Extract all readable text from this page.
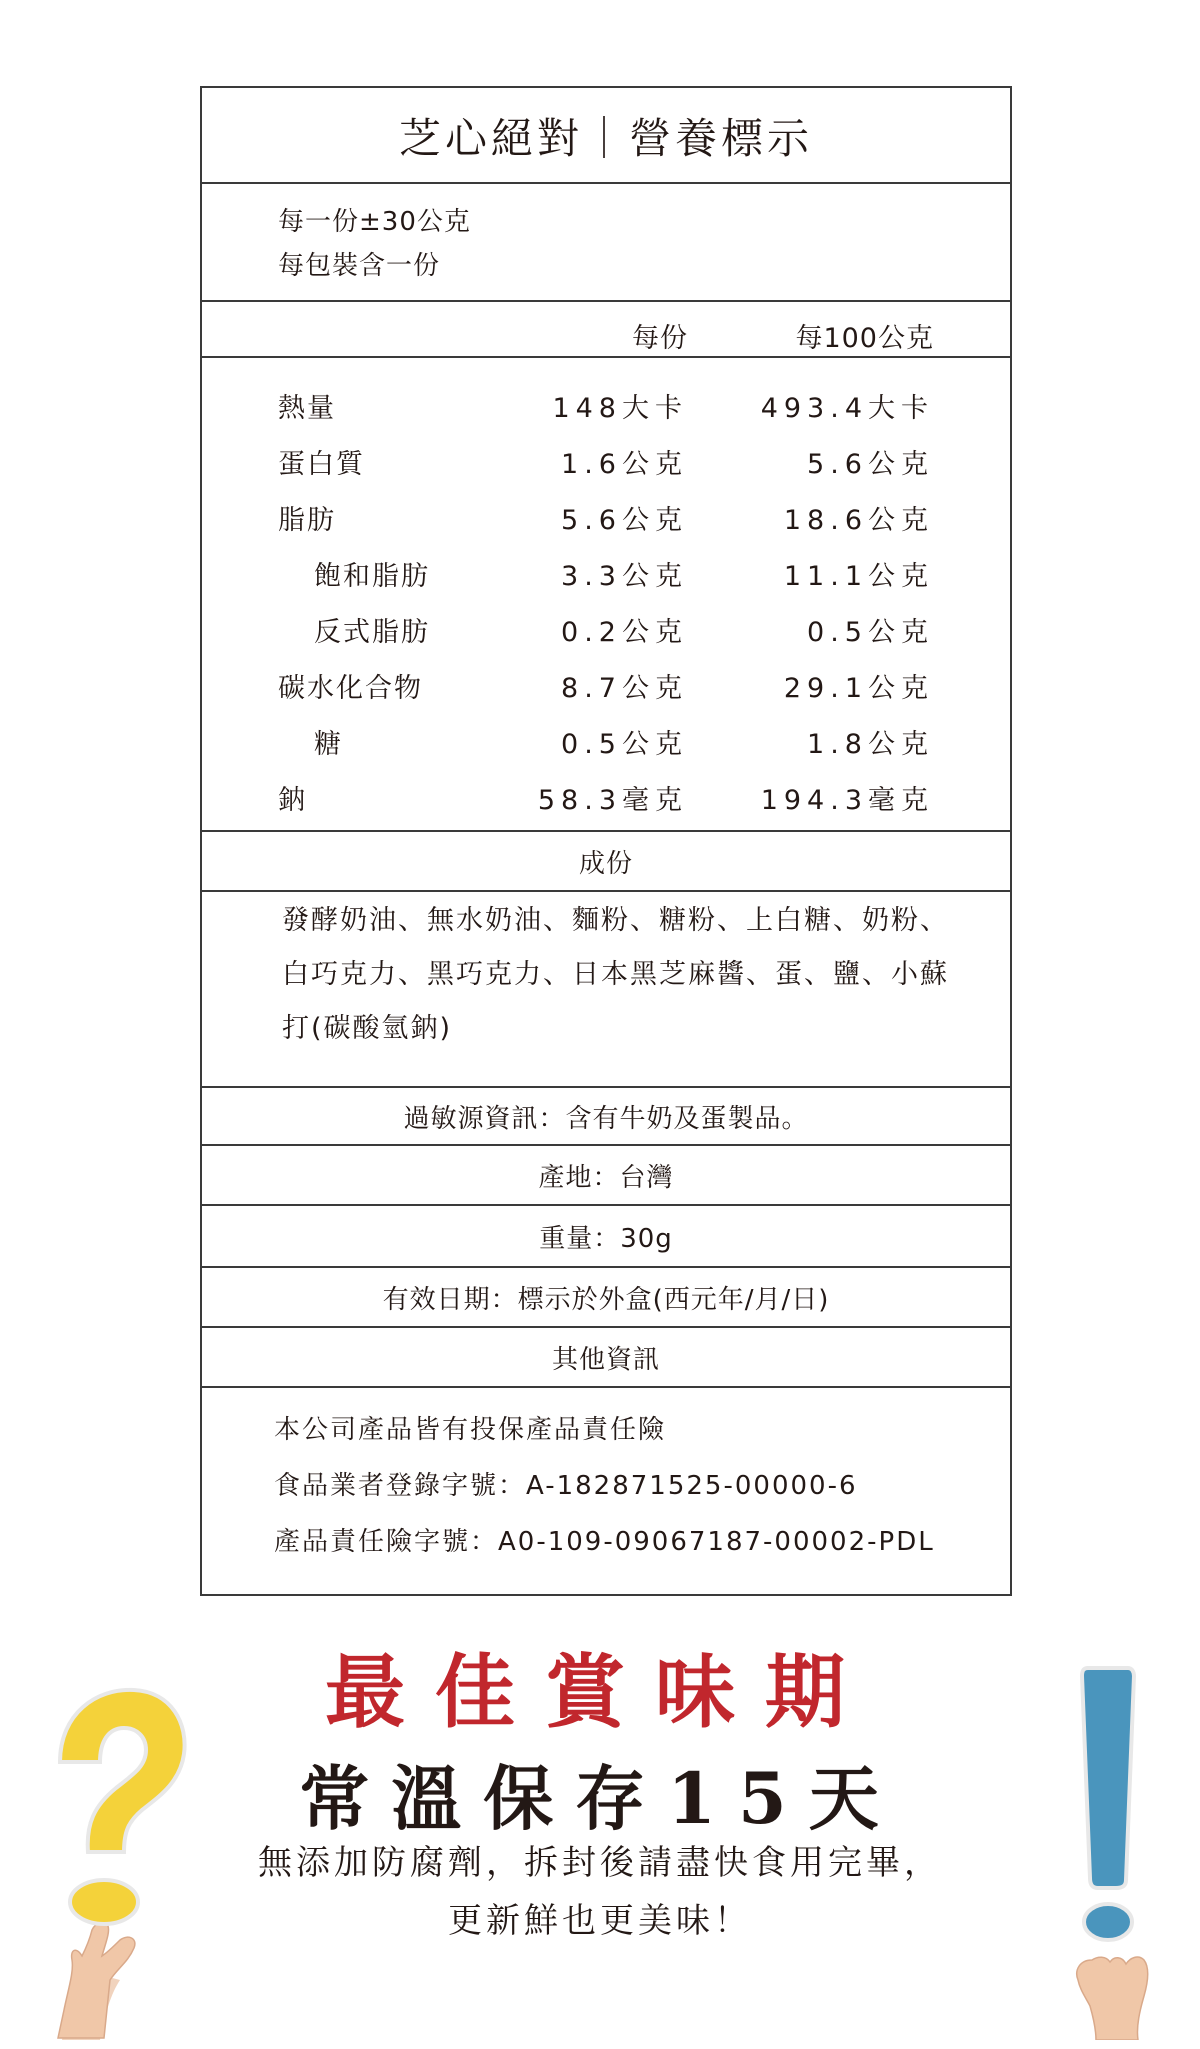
芝心絕對｜營養標示
每一份±30公克
每包裝含一份
每份	每100公克
熱量	148大卡	493.4大卡
蛋白質	1.6公克	5.6公克
脂肪	5.6公克	18.6公克
飽和脂肪	3.3公克	11.1公克
反式脂肪	0.2公克	0.5公克
碳水化合物	8.7公克	29.1公克
糖	0.5公克	1.8公克
鈉	58.3毫克	194.3毫克
成份
發酵奶油、無水奶油、麵粉、糖粉、上白糖、奶粉、白巧克力、黑巧克力、日本黑芝麻醬、蛋、鹽、小蘇打(碳酸氫鈉)
過敏源資訊：含有牛奶及蛋製品。
產地：台灣
重量：30g
有效日期：標示於外盒(西元年/月/日)
其他資訊
本公司產品皆有投保產品責任險
食品業者登錄字號：A-182871525-00000-6
產品責任險字號：A0-109-09067187-00002-PDL
最佳賞味期
常溫保存15天
無添加防腐劑，拆封後請盡快食用完畢，
更新鮮也更美味！
